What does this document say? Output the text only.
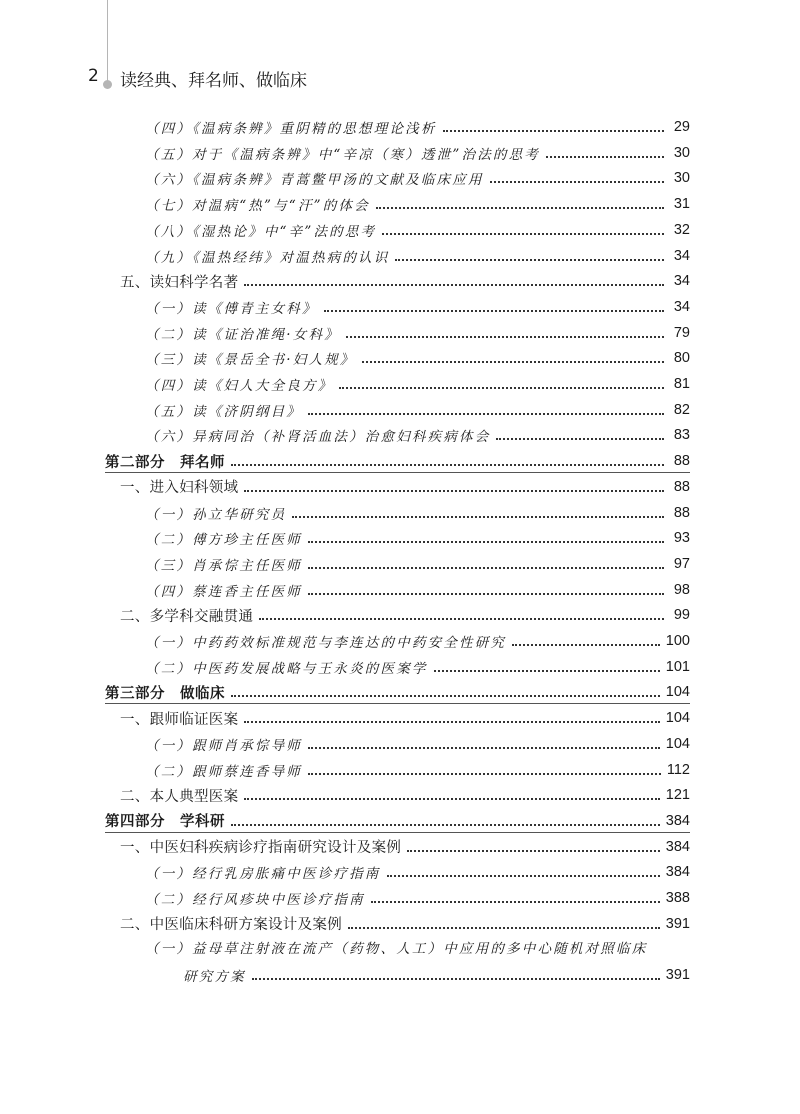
2 读经典、拜名师、做临床
（四）《温病条辨》重阴精的思想理论浅析	29
（五）对于《温病条辨》中“辛凉（寒）透泄”治法的思考	30
（六）《温病条辨》青蒿鳖甲汤的文献及临床应用	30
（七）对温病“热”与“汗”的体会	31
（八）《湿热论》中“辛”法的思考	32
（九）《温热经纬》对温热病的认识	34
五、读妇科学名著	34
（一）读《傅青主女科》	34
（二）读《证治准绳·女科》	79
（三）读《景岳全书·妇人规》	80
（四）读《妇人大全良方》	81
（五）读《济阴纲目》	82
（六）异病同治（补肾活血法）治愈妇科疾病体会	83
第二部分　拜名师	88
一、进入妇科领域	88
（一）孙立华研究员	88
（二）傅方珍主任医师	93
（三）肖承悰主任医师	97
（四）蔡连香主任医师	98
二、多学科交融贯通	99
（一）中药药效标准规范与李连达的中药安全性研究	100
（二）中医药发展战略与王永炎的医案学	101
第三部分　做临床	104
一、跟师临证医案	104
（一）跟师肖承悰导师	104
（二）跟师蔡连香导师	112
二、本人典型医案	121
第四部分　学科研	384
一、中医妇科疾病诊疗指南研究设计及案例	384
（一）经行乳房胀痛中医诊疗指南	384
（二）经行风疹块中医诊疗指南	388
二、中医临床科研方案设计及案例	391
（一）益母草注射液在流产（药物、人工）中应用的多中心随机对照临床
研究方案	391
